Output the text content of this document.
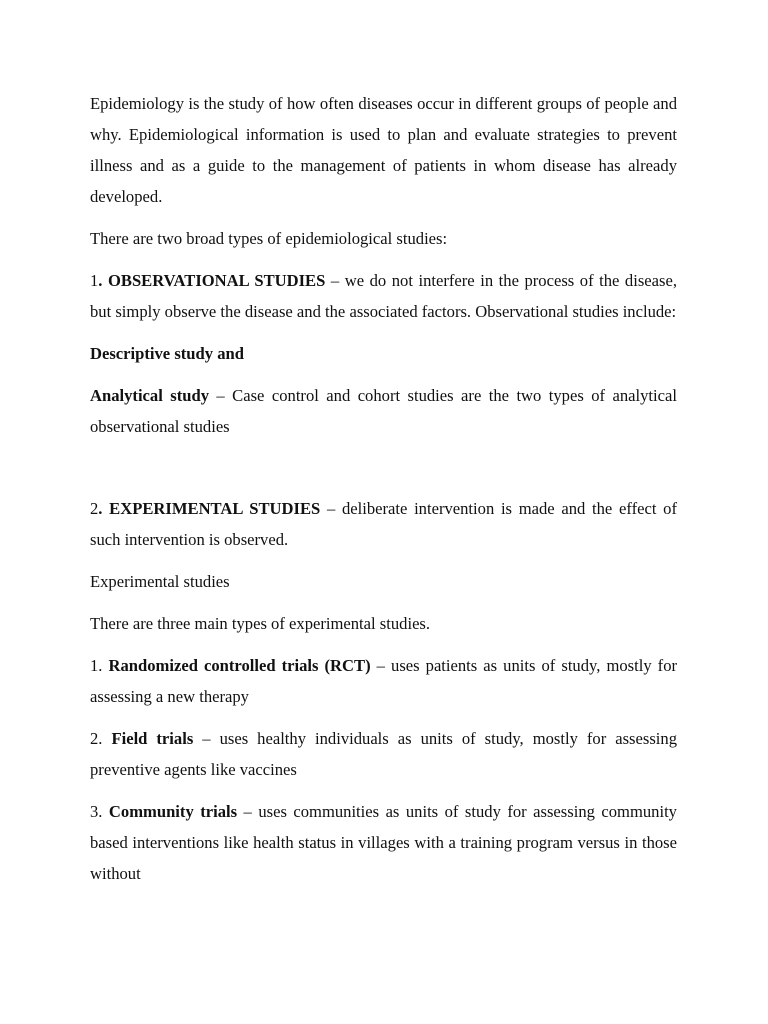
Epidemiology is the study of how often diseases occur in different groups of people and why. Epidemiological information is used to plan and evaluate strategies to prevent illness and as a guide to the management of patients in whom disease has already developed.

There are two broad types of epidemiological studies:

1. OBSERVATIONAL STUDIES – we do not interfere in the process of the disease, but simply observe the disease and the associated factors. Observational studies include:

Descriptive study and

Analytical study – Case control and cohort studies are the two types of analytical observational studies

2. EXPERIMENTAL STUDIES – deliberate intervention is made and the effect of such intervention is observed.

Experimental studies

There are three main types of experimental studies.

1. Randomized controlled trials (RCT) – uses patients as units of study, mostly for assessing a new therapy

2. Field trials – uses healthy individuals as units of study, mostly for assessing preventive agents like vaccines

3. Community trials – uses communities as units of study for assessing community based interventions like health status in villages with a training program versus in those without
